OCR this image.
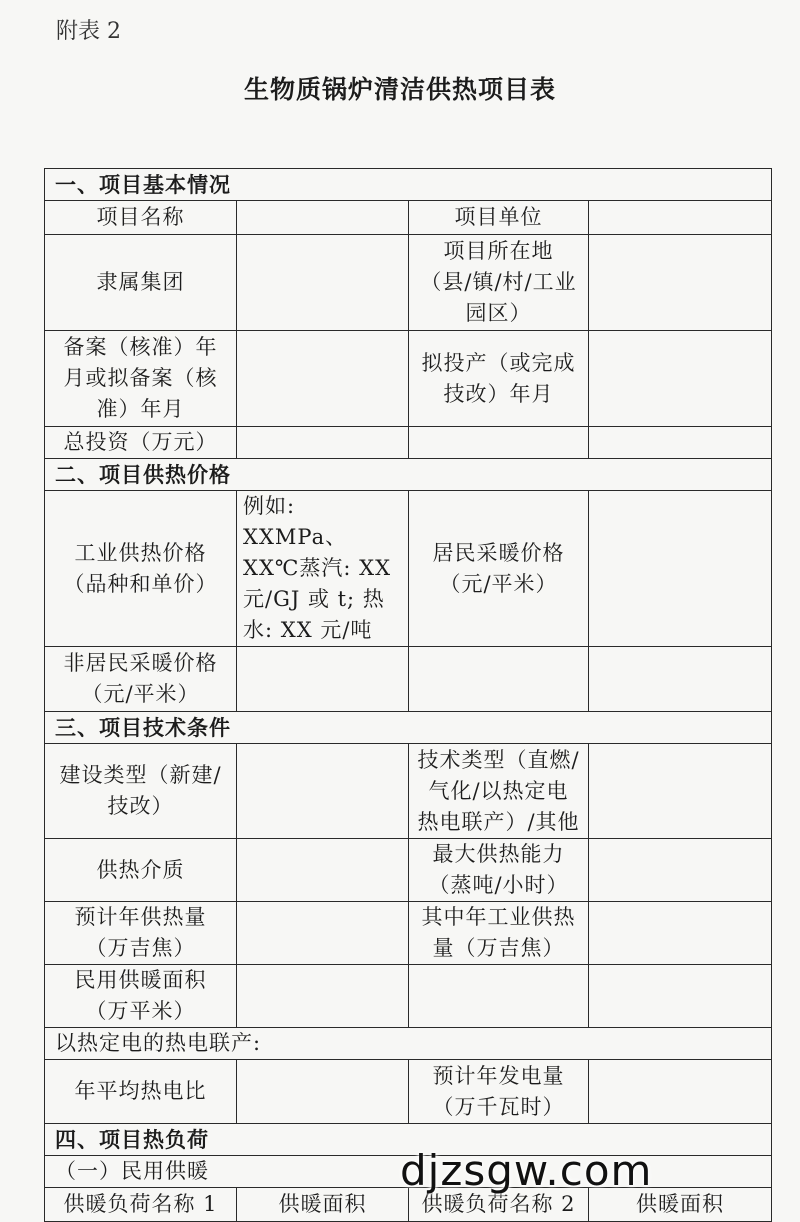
附表 2
生物质锅炉清洁供热项目表
一、项目基本情况			
项目名称		项目单位	
隶属集团		项目所在地
（县/镇/村/工业
园区）	
备案（核准）年
月或拟备案（核
准）年月		拟投产（或完成
技改）年月	
总投资（万元）			
二、项目供热价格			
工业供热价格
（品种和单价）	例如: XXMPa、
XX℃蒸汽: XX
元/GJ 或 t; 热
水: XX 元/吨	居民采暖价格
（元/平米）	
非居民采暖价格
（元/平米）			
三、项目技术条件			
建设类型（新建/
技改）		技术类型（直燃/
气化/以热定电
热电联产）/其他	
供热介质		最大供热能力
（蒸吨/小时）	
预计年供热量
（万吉焦）		其中年工业供热
量（万吉焦）	
民用供暖面积
（万平米）			
以热定电的热电联产:			
年平均热电比		预计年发电量
（万千瓦时）	
四、项目热负荷			
（一）民用供暖			
供暖负荷名称 1	供暖面积	供暖负荷名称 2	供暖面积
djzsgw.com
